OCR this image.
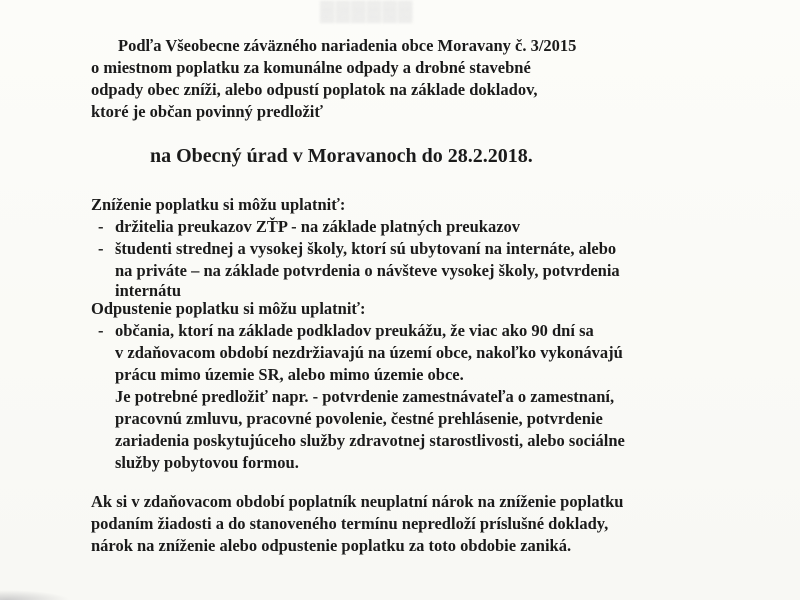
▓▓▓▓▓▓
Podľa Všeobecne záväzného nariadenia obce Moravany č. 3/2015
o miestnom poplatku za komunálne odpady a drobné stavebné
odpady obec zníži, alebo odpustí poplatok na základe dokladov,
ktoré je občan povinný predložiť
na Obecný úrad v Moravanoch do 28.2.2018.
Zníženie poplatku si môžu uplatniť:
- držitelia preukazov ZŤP - na základe platných preukazov
- študenti strednej a vysokej školy, ktorí sú ubytovaní na internáte, alebo
na priváte – na základe potvrdenia o návšteve vysokej školy, potvrdenia
internátu
Odpustenie poplatku si môžu uplatniť:
- občania, ktorí na základe podkladov preukážu, že viac ako 90 dní sa
v zdaňovacom období nezdržiavajú na území obce, nakoľko vykonávajú
prácu mimo územie SR, alebo mimo územie obce.
Je potrebné predložiť napr. - potvrdenie zamestnávateľa o zamestnaní,
pracovnú zmluvu, pracovné povolenie, čestné prehlásenie, potvrdenie
zariadenia poskytujúceho služby zdravotnej starostlivosti, alebo sociálne
služby pobytovou formou.
Ak si v zdaňovacom období poplatník neuplatní nárok na zníženie poplatku
podaním žiadosti a do stanoveného termínu nepredloží príslušné doklady,
nárok na zníženie alebo odpustenie poplatku za toto obdobie zaniká.
